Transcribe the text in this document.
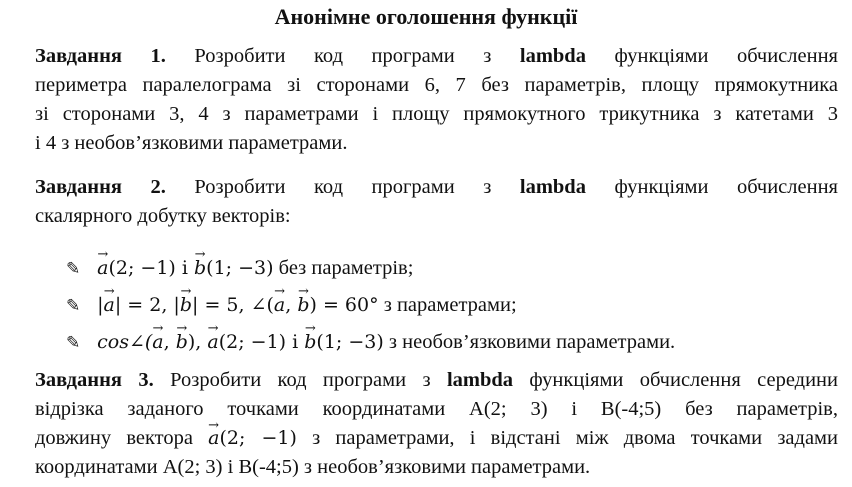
Анонімне оголошення функції
Завдання 1. Розробити код програми з lambda функціями обчислення
периметра паралелограма зі сторонами 6, 7 без параметрів, площу прямокутника
зі сторонами 3, 4 з параметрами і площу прямокутного трикутника з катетами 3
і 4 з необов’язковими параметрами.
Завдання 2. Розробити код програми з lambda функціями обчислення
скалярного добутку векторів:
✎ → a(2; −1) і → b(1; −3) без параметрів;
✎ |→ a| = 2, |→ b| = 5, ∠(→ a, → b) = 60° з параметрами;
✎ cos∠(→ a, → b), → a(2; −1) і → b(1; −3) з необов’язковими параметрами.
Завдання 3. Розробити код програми з lambda функціями обчислення середини
відрізка заданого точками координатами A(2; 3) і B(-4;5) без параметрів,
довжину вектора → a(2; −1) з параметрами, і відстані між двома точками задами
координатами A(2; 3) і B(-4;5) з необов’язковими параметрами.
